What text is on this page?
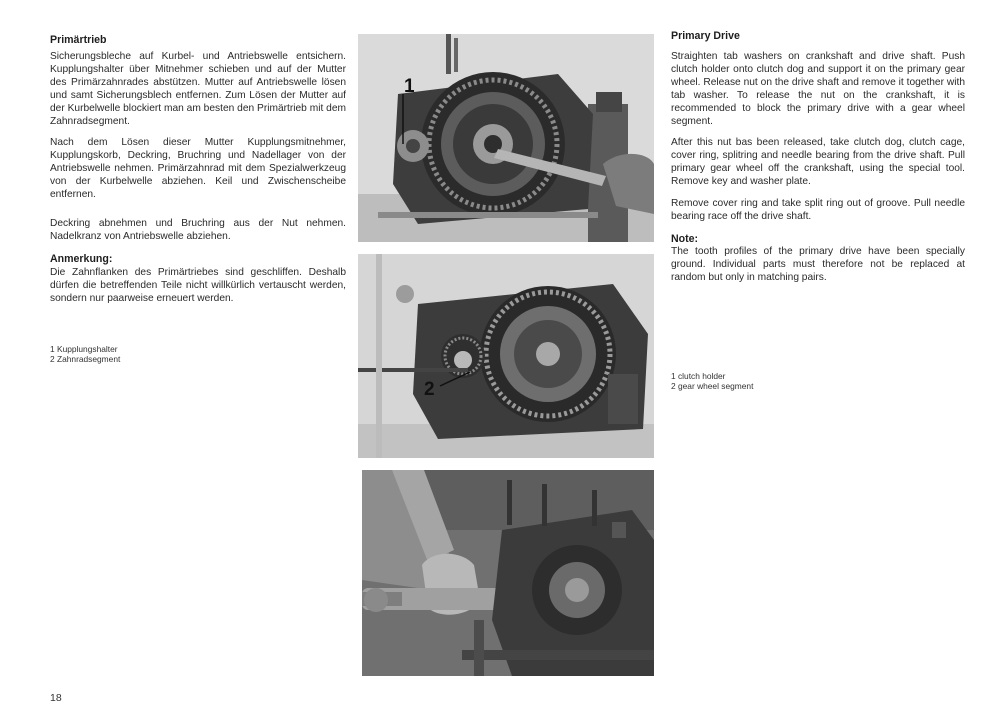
Primärtrieb

Sicherungsbleche auf Kurbel- und Antriebswelle entsichern. Kupplungshalter über Mitnehmer schieben und auf der Mutter des Primärzahnrades abstützen. Mutter auf Antriebswelle lösen und samt Sicherungsblech entfernen. Zum Lösen der Mutter auf der Kurbelwelle blockiert man am besten den Primärtrieb mit dem Zahnradsegment.

Nach dem Lösen dieser Mutter Kupplungsmitnehmer, Kupplungskorb, Deckring, Bruchring und Nadellager von der Antriebswelle nehmen. Primärzahnrad mit dem Spezialwerkzeug von der Kurbelwelle abziehen. Keil und Zwischenscheibe entfernen.

Deckring abnehmen und Bruchring aus der Nut nehmen. Nadelkranz von Antriebswelle abziehen.

Anmerkung:

Die Zahnflanken des Primärtriebes sind geschliffen. Deshalb dürfen die betreffenden Teile nicht willkürlich vertauscht werden, sondern nur paarweise erneuert werden.

1 Kupplungshalter
2 Zahnradsegment
1
2
Primary Drive

Straighten tab washers on crankshaft and drive shaft. Push clutch holder onto clutch dog and support it on the primary gear wheel. Release nut on the drive shaft and remove it together with tab washer. To release the nut on the crankshaft, it is recommended to block the primary drive with a gear wheel segment.

After this nut bas been released, take clutch dog, clutch cage, cover ring, splitring and needle bearing from the drive shaft. Pull primary gear wheel off the crankshaft, using the special tool. Remove key and washer plate.

Remove cover ring and take split ring out of groove. Pull needle bearing race off the drive shaft.

Note:

The tooth profiles of the primary drive have been specially ground. Individual parts must therefore not be replaced at random but only in matching pairs.

1 clutch holder
2 gear wheel segment
18
